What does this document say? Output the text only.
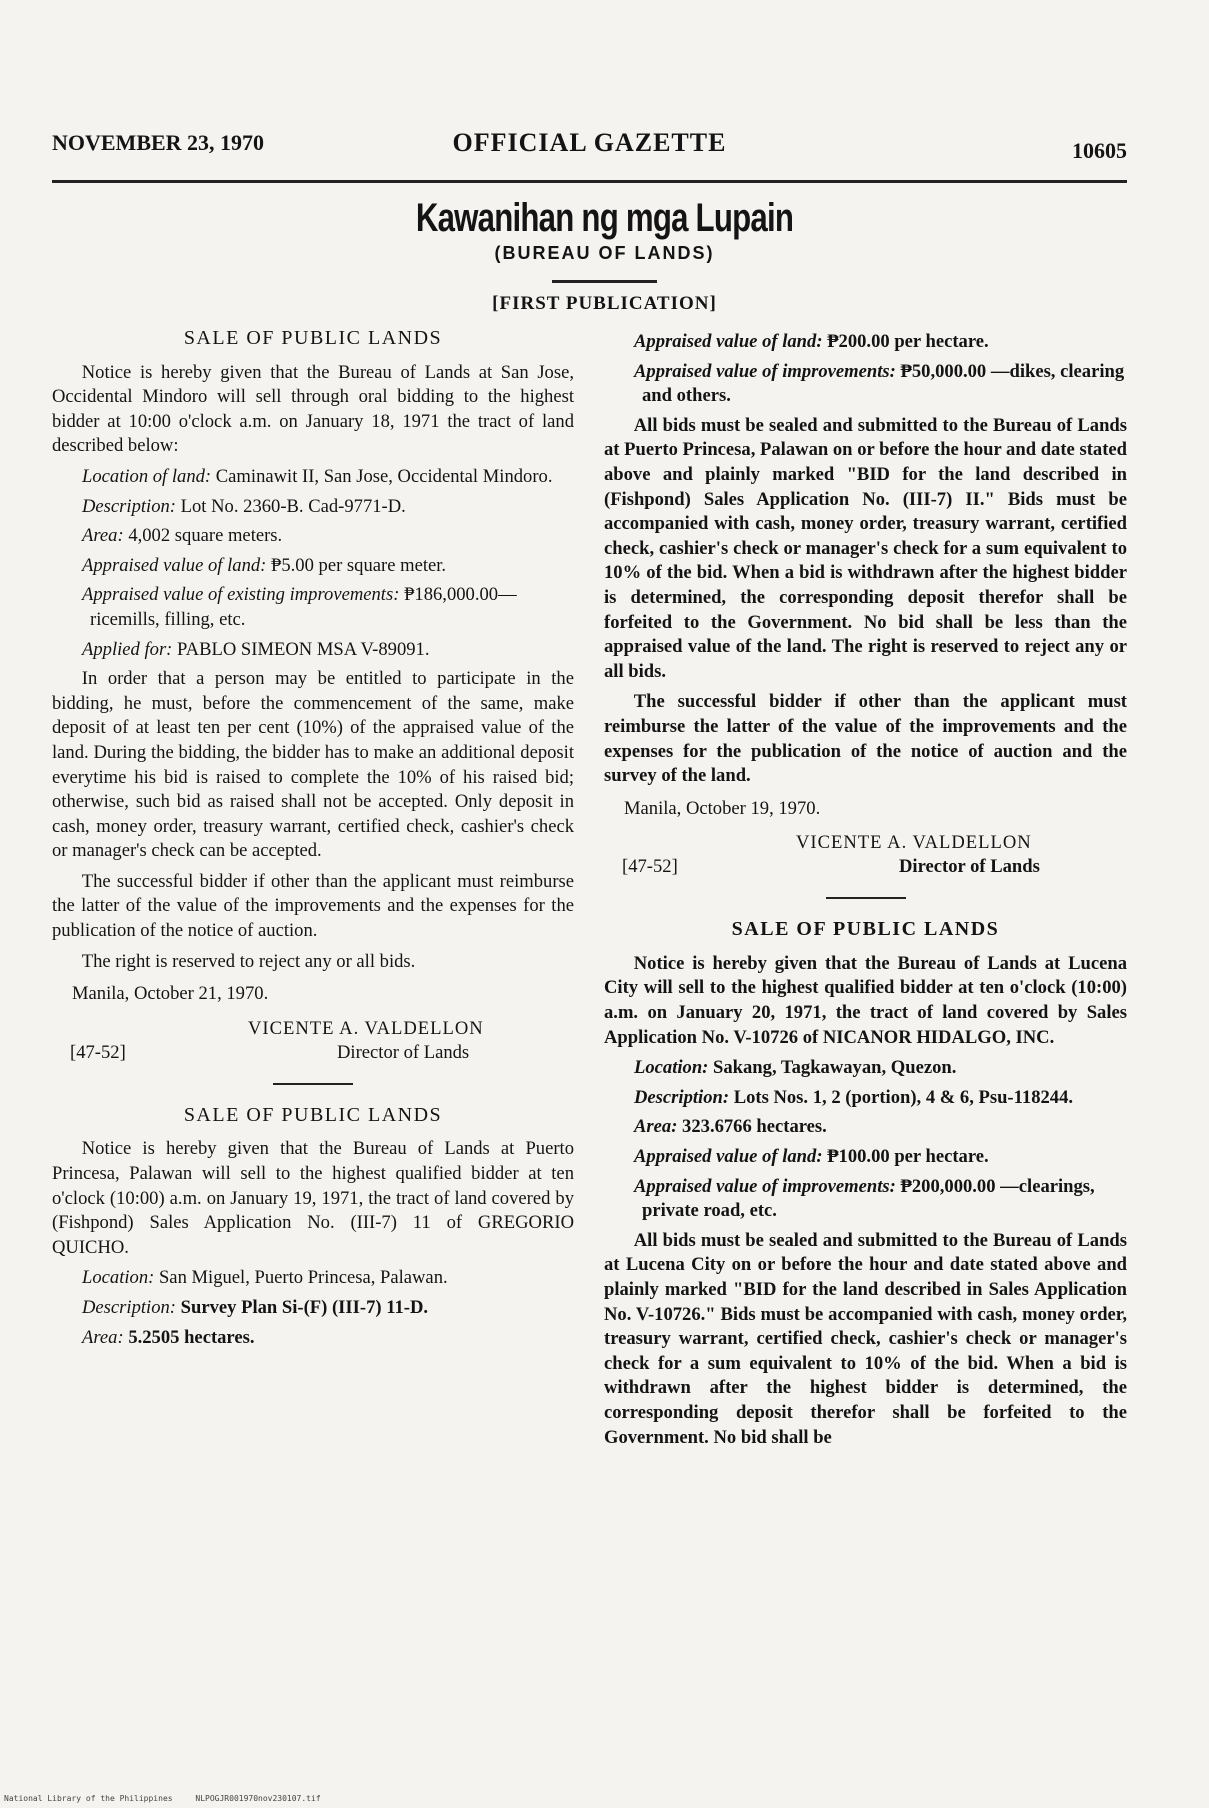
NOVEMBER 23, 1970	OFFICIAL GAZETTE	10605
Kawanihan ng mga Lupain
(BUREAU OF LANDS)
[FIRST PUBLICATION]
SALE OF PUBLIC LANDS

Notice is hereby given that the Bureau of Lands at San Jose, Occidental Mindoro will sell through oral bidding to the highest bidder at 10:00 o'clock a.m. on January 18, 1971 the tract of land described below:

Location of land: Caminawit II, San Jose, Occidental Mindoro.
Description: Lot No. 2360-B. Cad-9771-D.
Area: 4,002 square meters.
Appraised value of land: ₱5.00 per square meter.
Appraised value of existing improvements: ₱186,000.00—ricemills, filling, etc.
Applied for: PABLO SIMEON MSA V-89091.

In order that a person may be entitled to participate in the bidding, he must, before the commencement of the same, make deposit of at least ten per cent (10%) of the appraised value of the land. During the bidding, the bidder has to make an additional deposit everytime his bid is raised to complete the 10% of his raised bid; otherwise, such bid as raised shall not be accepted. Only deposit in cash, money order, treasury warrant, certified check, cashier's check or manager's check can be accepted.

The successful bidder if other than the applicant must reimburse the latter of the value of the improvements and the expenses for the publication of the notice of auction.

The right is reserved to reject any or all bids.

Manila, October 21, 1970.
VICENTE A. VALDELLON
[47-52]	Director of Lands
SALE OF PUBLIC LANDS

Notice is hereby given that the Bureau of Lands at Puerto Princesa, Palawan will sell to the highest qualified bidder at ten o'clock (10:00) a.m. on January 19, 1971, the tract of land covered by (Fishpond) Sales Application No. (III-7) 11 of GREGORIO QUICHO.

Location: San Miguel, Puerto Princesa, Palawan.
Description: Survey Plan Si-(F) (III-7) 11-D.
Area: 5.2505 hectares.
Appraised value of land: ₱200.00 per hectare.
Appraised value of improvements: ₱50,000.00 —dikes, clearing and others.

All bids must be sealed and submitted to the Bureau of Lands at Puerto Princesa, Palawan on or before the hour and date stated above and plainly marked "BID for the land described in (Fishpond) Sales Application No. (III-7) II." Bids must be accompanied with cash, money order, treasury warrant, certified check, cashier's check or manager's check for a sum equivalent to 10% of the bid. When a bid is withdrawn after the highest bidder is determined, the corresponding deposit therefor shall be forfeited to the Government. No bid shall be less than the appraised value of the land. The right is reserved to reject any or all bids.

The successful bidder if other than the applicant must reimburse the latter of the value of the improvements and the expenses for the publication of the notice of auction and the survey of the land.

Manila, October 19, 1970.
VICENTE A. VALDELLON
[47-52]	Director of Lands
SALE OF PUBLIC LANDS

Notice is hereby given that the Bureau of Lands at Lucena City will sell to the highest qualified bidder at ten o'clock (10:00) a.m. on January 20, 1971, the tract of land covered by Sales Application No. V-10726 of NICANOR HIDALGO, INC.

Location: Sakang, Tagkawayan, Quezon.
Description: Lots Nos. 1, 2 (portion), 4 & 6, Psu-118244.
Area: 323.6766 hectares.
Appraised value of land: ₱100.00 per hectare.
Appraised value of improvements: ₱200,000.00 —clearings, private road, etc.

All bids must be sealed and submitted to the Bureau of Lands at Lucena City on or before the hour and date stated above and plainly marked "BID for the land described in Sales Application No. V-10726." Bids must be accompanied with cash, money order, treasury warrant, certified check, cashier's check or manager's check for a sum equivalent to 10% of the bid. When a bid is withdrawn after the highest bidder is determined, the corresponding deposit therefor shall be forfeited to the Government. No bid shall be

National Library of the Philippines	NLPOGJR001970nov230107.tif
